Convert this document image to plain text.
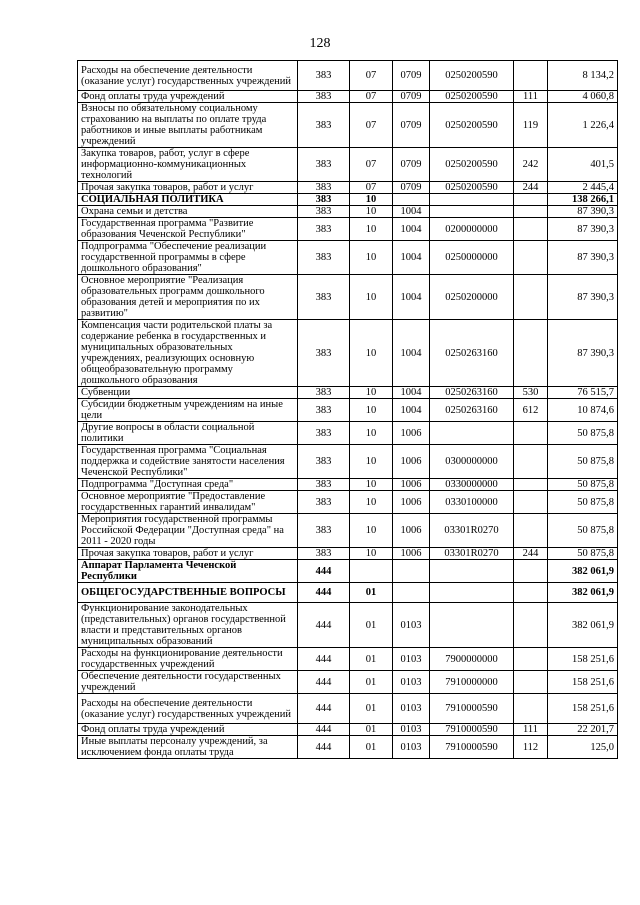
128
Расходы на обеспечение деятельности (оказание услуг) государственных учреждений	383	07	0709	0250200590		8 134,2
Фонд оплаты труда учреждений	383	07	0709	0250200590	111	4 060,8
Взносы по обязательному социальному страхованию на выплаты по оплате труда работников и иные выплаты работникам учреждений	383	07	0709	0250200590	119	1 226,4
Закупка товаров, работ, услуг в сфере информационно-коммуникационных технологий	383	07	0709	0250200590	242	401,5
Прочая закупка товаров, работ и услуг	383	07	0709	0250200590	244	2 445,4
СОЦИАЛЬНАЯ ПОЛИТИКА	383	10				138 266,1
Охрана семьи и детства	383	10	1004			87 390,3
Государственная программа "Развитие образования Чеченской Республики"	383	10	1004	0200000000		87 390,3
Подпрограмма "Обеспечение реализации государственной программы в сфере дошкольного образования"	383	10	1004	0250000000		87 390,3
Основное мероприятие "Реализация образовательных программ дошкольного образования детей и мероприятия по их развитию"	383	10	1004	0250200000		87 390,3
Компенсация части родительской платы за содержание ребенка в государственных и муниципальных образовательных учреждениях, реализующих основную общеобразовательную программу дошкольного образования	383	10	1004	0250263160		87 390,3
Субвенции	383	10	1004	0250263160	530	76 515,7
Субсидии бюджетным учреждениям на иные цели	383	10	1004	0250263160	612	10 874,6
Другие вопросы в области социальной политики	383	10	1006			50 875,8
Государственная программа "Социальная поддержка и содействие занятости населения Чеченской Республики"	383	10	1006	0300000000		50 875,8
Подпрограмма "Доступная среда"	383	10	1006	0330000000		50 875,8
Основное мероприятие "Предоставление государственных гарантий инвалидам"	383	10	1006	0330100000		50 875,8
Мероприятия государственной программы Российской Федерации "Доступная среда" на 2011 - 2020 годы	383	10	1006	03301R0270		50 875,8
Прочая закупка товаров, работ и услуг	383	10	1006	03301R0270	244	50 875,8
Аппарат Парламента Чеченской Республики	444					382 061,9
ОБЩЕГОСУДАРСТВЕННЫЕ ВОПРОСЫ	444	01				382 061,9
Функционирование законодательных (представительных) органов государственной власти и представительных органов муниципальных образований	444	01	0103			382 061,9
Расходы на функционирование деятельности государственных учреждений	444	01	0103	7900000000		158 251,6
Обеспечение деятельности государственных учреждений	444	01	0103	7910000000		158 251,6
Расходы на обеспечение деятельности (оказание услуг) государственных учреждений	444	01	0103	7910000590		158 251,6
Фонд оплаты труда учреждений	444	01	0103	7910000590	111	22 201,7
Иные выплаты персоналу учреждений, за исключением фонда оплаты труда	444	01	0103	7910000590	112	125,0
